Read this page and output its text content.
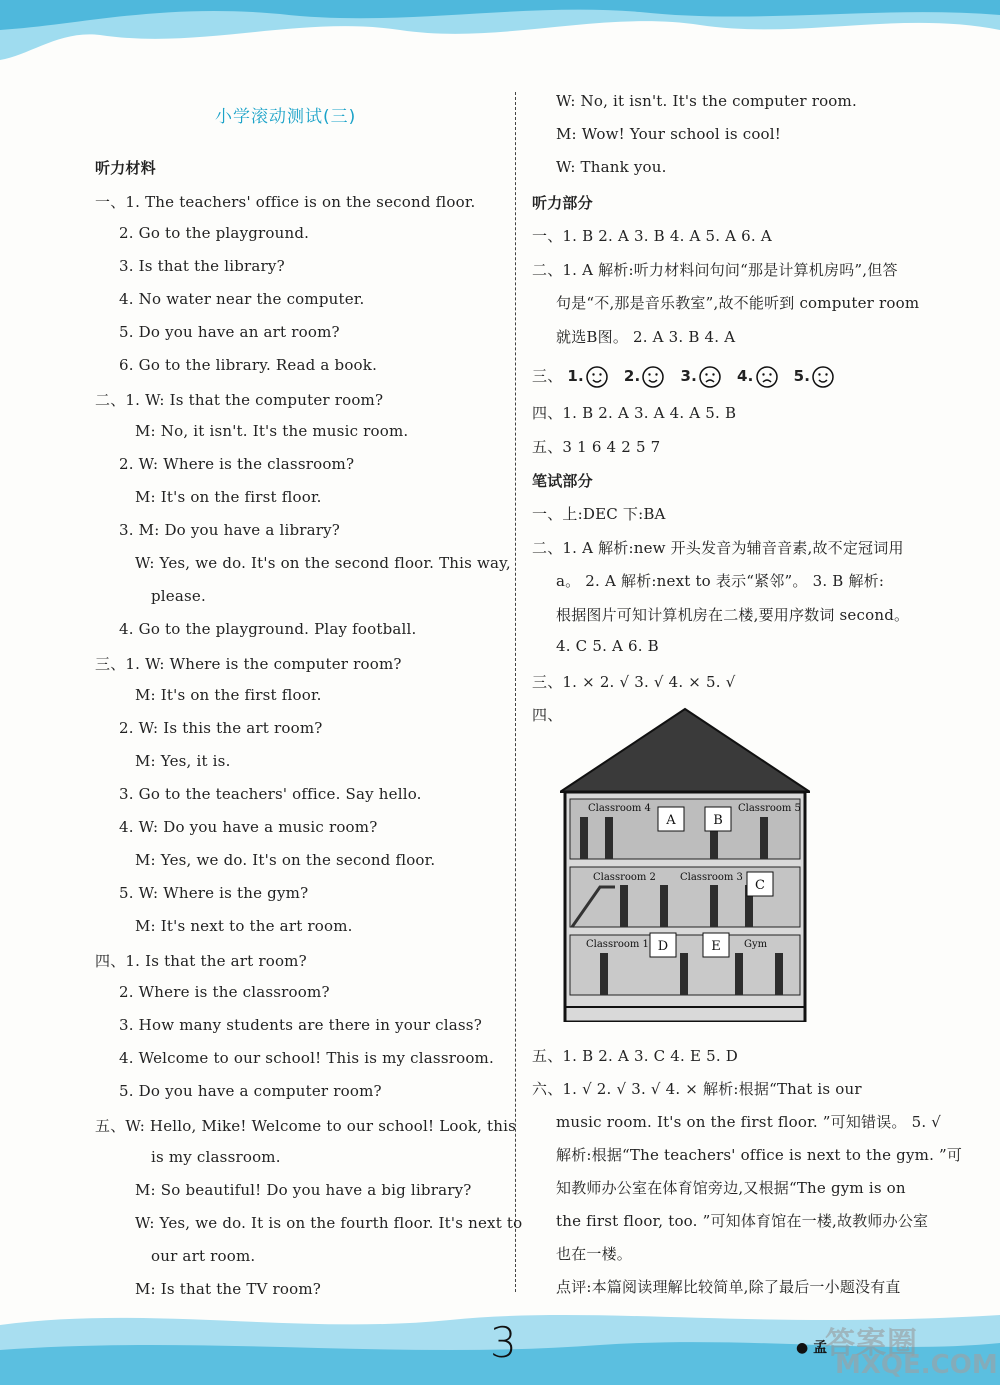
小学滚动测试(三)
听力材料
一、1. The teachers' office is on the second floor.
2. Go to the playground.
3. Is that the library?
4. No water near the computer.
5. Do you have an art room?
6. Go to the library. Read a book.
二、1. W: Is that the computer room?
M: No, it isn't. It's the music room.
2. W: Where is the classroom?
M: It's on the first floor.
3. M: Do you have a library?
W: Yes, we do. It's on the second floor. This way,
please.
4. Go to the playground. Play football.
三、1. W: Where is the computer room?
M: It's on the first floor.
2. W: Is this the art room?
M: Yes, it is.
3. Go to the teachers' office. Say hello.
4. W: Do you have a music room?
M: Yes, we do. It's on the second floor.
5. W: Where is the gym?
M: It's next to the art room.
四、1. Is that the art room?
2. Where is the classroom?
3. How many students are there in your class?
4. Welcome to our school! This is my classroom.
5. Do you have a computer room?
五、W: Hello, Mike! Welcome to our school! Look, this
is my classroom.
M: So beautiful! Do you have a big library?
W: Yes, we do. It is on the fourth floor. It's next to
our art room.
M: Is that the TV room?
W: No, it isn't. It's the computer room.
M: Wow! Your school is cool!
W: Thank you.
听力部分
一、1. B 2. A 3. B 4. A 5. A 6. A
二、1. A 解析:听力材料问句问“那是计算机房吗”,但答
句是“不,那是音乐教室”,故不能听到 computer room
就选B图。 2. A 3. B 4. A
三、 1.	2.	3.	4.	5.
四、1. B 2. A 3. A 4. A 5. B
五、3 1 6 4 2 5 7
笔试部分
一、上:DEC 下:BA
二、1. A 解析:new 开头发音为辅音音素,故不定冠词用
a。 2. A 解析:next to 表示“紧邻”。 3. B 解析:
根据图片可知计算机房在二楼,要用序数词 second。
4. C 5. A 6. B
三、1. × 2. √ 3. √ 4. × 5. √
四、
Classroom 4	Classroom 5
Classroom 2 Classroom 3
Classroom 1	Gym
A	B
C
D	E
五、1. B 2. A 3. C 4. E 5. D
六、1. √ 2. √ 3. √ 4. × 解析:根据“That is our
music room. It's on the first floor. ”可知错误。 5. √
解析:根据“The teachers' office is next to the gym. ”可
知教师办公室在体育馆旁边,又根据“The gym is on
the first floor, too. ”可知体育馆在一楼,故教师办公室
也在一楼。
点评:本篇阅读理解比较简单,除了最后一小题没有直
3	● 孟
答案圈
MXQE.COM
